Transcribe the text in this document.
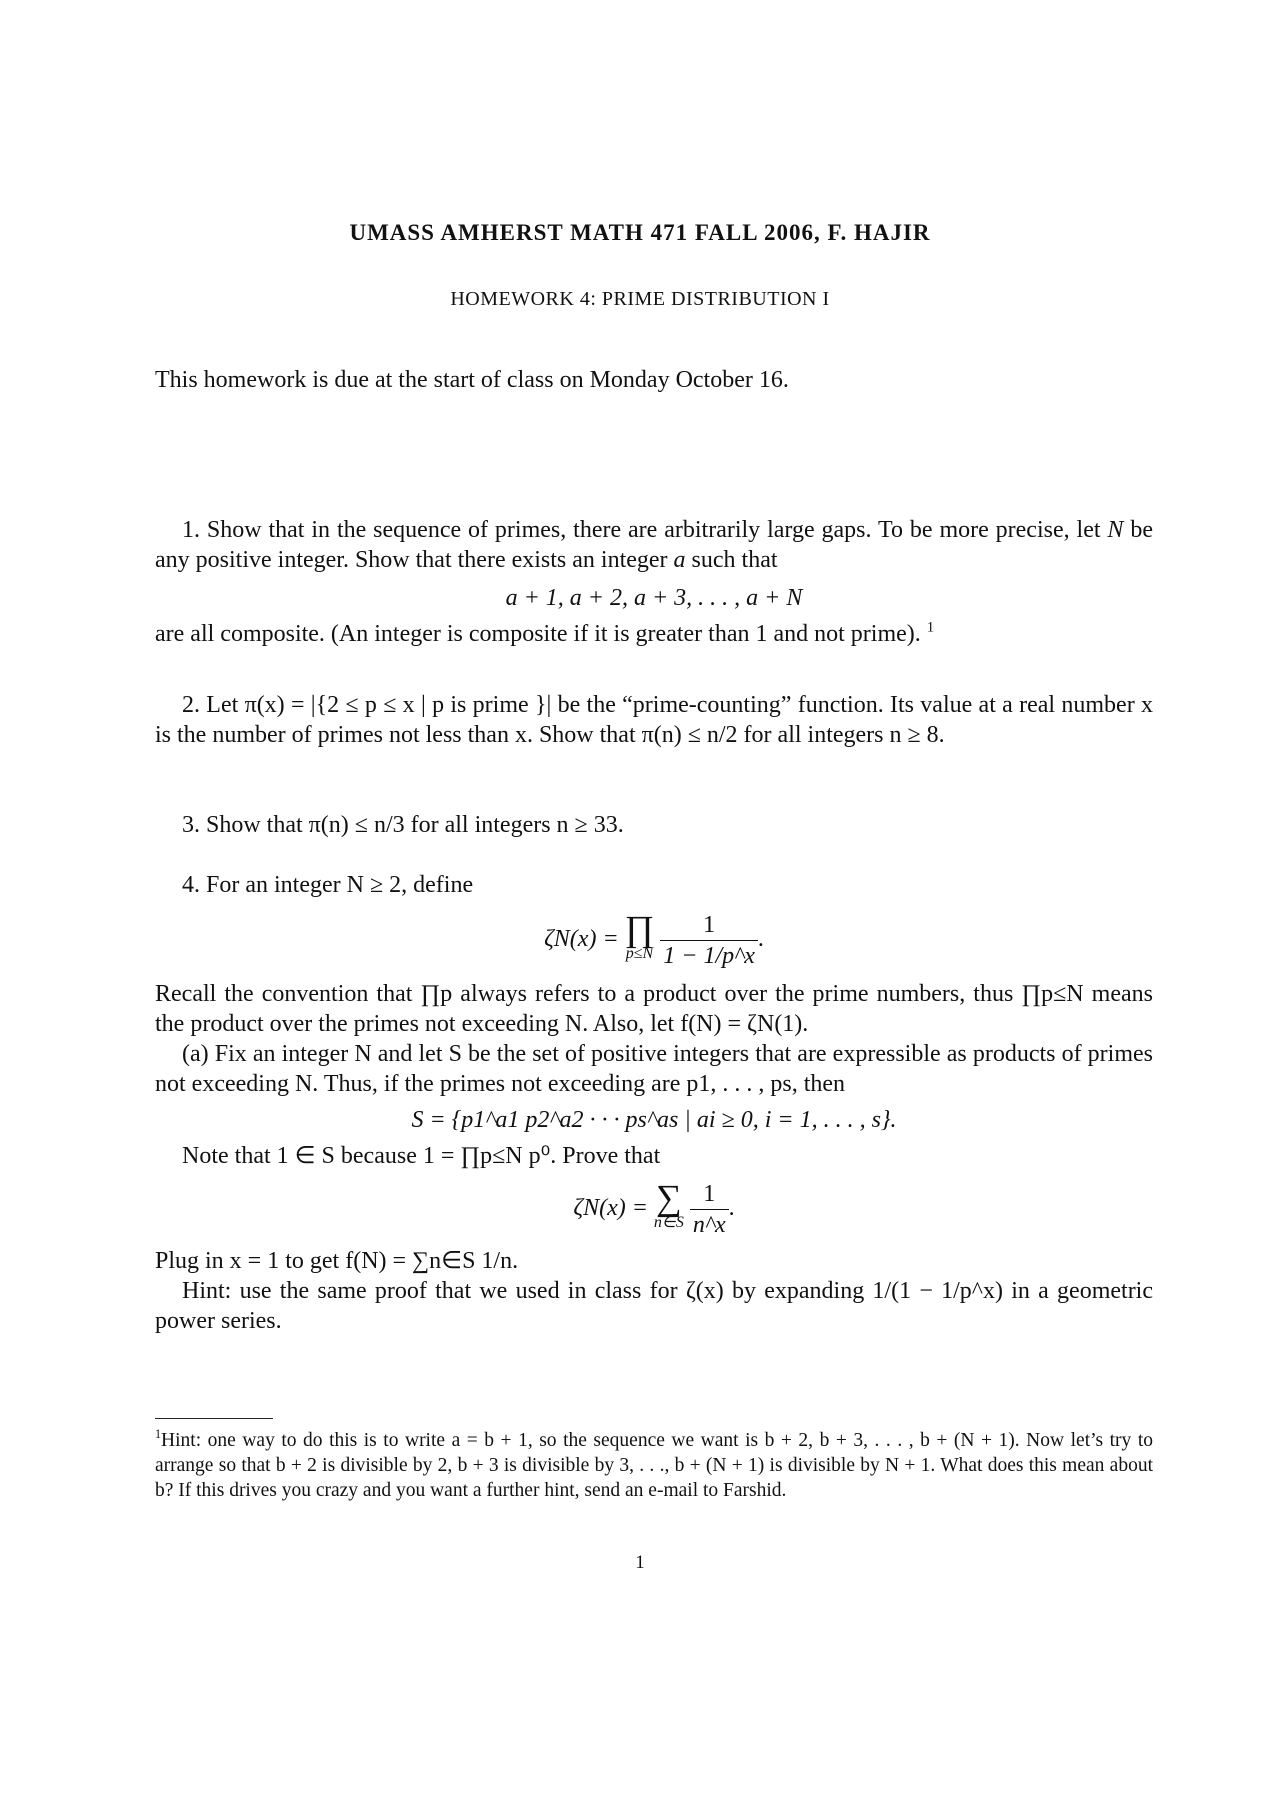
UMASS AMHERST MATH 471 FALL 2006, F. HAJIR
HOMEWORK 4: PRIME DISTRIBUTION I
This homework is due at the start of class on Monday October 16.
1. Show that in the sequence of primes, there are arbitrarily large gaps. To be more precise, let N be any positive integer. Show that there exists an integer a such that
a + 1, a + 2, a + 3, . . . , a + N
are all composite. (An integer is composite if it is greater than 1 and not prime). $^1$
2. Let π(x) = |{2 ≤ p ≤ x | p is prime }| be the “prime-counting” function. Its value at a real number x is the number of primes not less than x. Show that π(n) ≤ n/2 for all integers n ≥ 8.
3. Show that π(n) ≤ n/3 for all integers n ≥ 33.
4. For an integer N ≥ 2, define
ζN(x) = ∏
p≤N
$\frac{1}{1 - 1/p\^{}x}$ .
Recall the convention that ∏p always refers to a product over the prime numbers, thus ∏p≤N means the product over the primes not exceeding N. Also, let f(N) = ζN(1).
(a) Fix an integer N and let S be the set of positive integers that are expressible as products of primes not exceeding N. Thus, if the primes not exceeding are p1, . . . , ps, then
S = {p1^a1 p2^a2 · · · ps^as | ai ≥ 0, i = 1, . . . , s}.
Note that 1 ∈ S because 1 = ∏p≤N p⁰. Prove that
ζN(x) = ∑
n∈S
$\frac{1}{n\^{}x}$ .
Plug in x = 1 to get f(N) = ∑n∈S 1/n.
Hint: use the same proof that we used in class for ζ(x) by expanding 1/(1 − 1/p^x) in a geometric power series.
$^1$Hint: one way to do this is to write a = b + 1, so the sequence we want is b + 2, b + 3, . . . , b + (N + 1). Now let’s try to arrange so that b + 2 is divisible by 2, b + 3 is divisible by 3, . . ., b + (N + 1) is divisible by N + 1. What does this mean about b? If this drives you crazy and you want a further hint, send an e-mail to Farshid.
1
